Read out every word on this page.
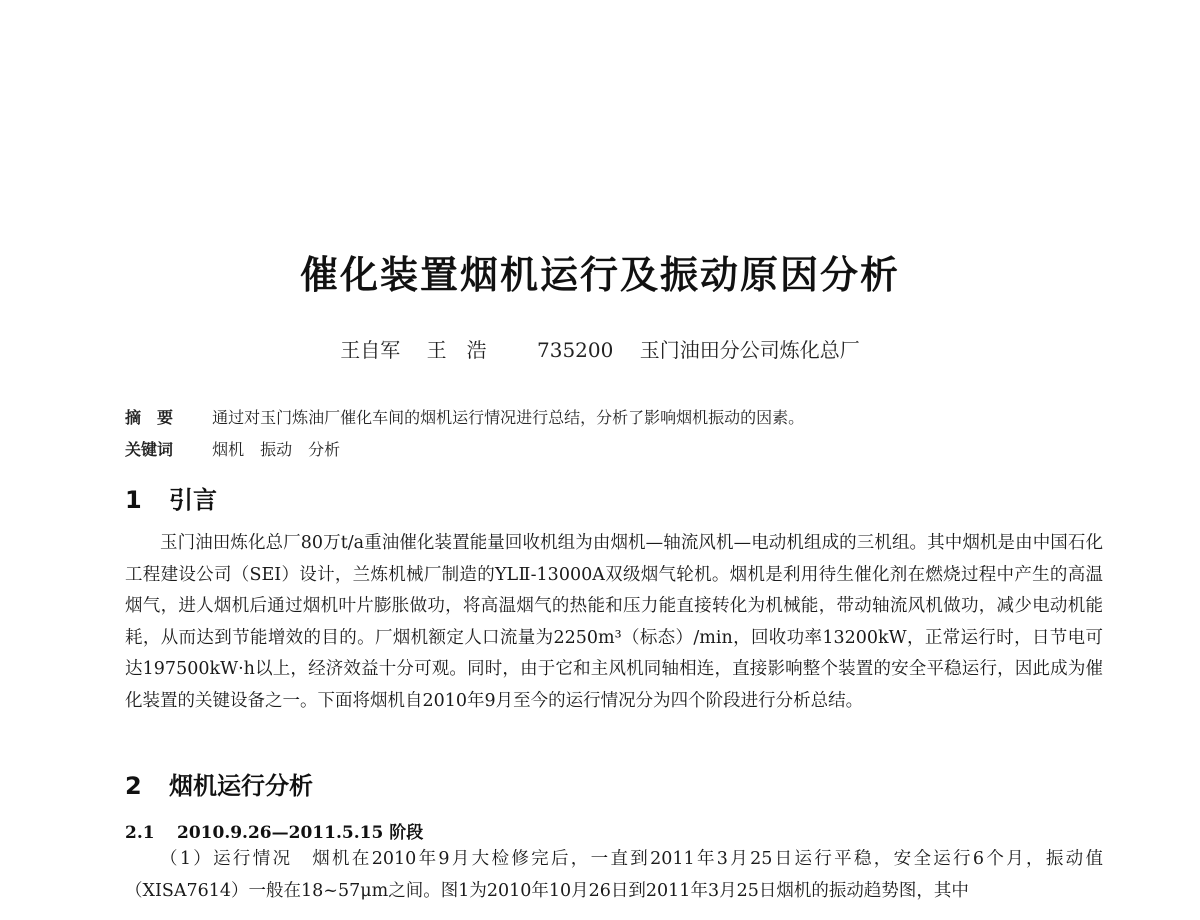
催化装置烟机运行及振动原因分析
王自军 王　浩	735200 玉门油田分公司炼化总厂
摘　要 通过对玉门炼油厂催化车间的烟机运行情况进行总结，分析了影响烟机振动的因素。
关键词 烟机　振动　分析
1 引言

玉门油田炼化总厂80万t/a重油催化装置能量回收机组为由烟机—轴流风机—电动机组成的三机组。其中烟机是由中国石化工程建设公司（SEI）设计，兰炼机械厂制造的YLⅡ-13000A双级烟气轮机。烟机是利用待生催化剂在燃烧过程中产生的高温烟气，进人烟机后通过烟机叶片膨胀做功，将高温烟气的热能和压力能直接转化为机械能，带动轴流风机做功，减少电动机能耗，从而达到节能增效的目的。厂烟机额定人口流量为2250m³（标态）/min，回收功率13200kW，正常运行时，日节电可达197500kW·h以上，经济效益十分可观。同时，由于它和主风机同轴相连，直接影响整个装置的安全平稳运行，因此成为催化装置的关键设备之一。下面将烟机自2010年9月至今的运行情况分为四个阶段进行分析总结。

2 烟机运行分析
2.1 2010.9.26—2011.5.15 阶段

（1）运行情况　烟机在2010年9月大检修完后，一直到2011年3月25日运行平稳，安全运行6个月，振动值（XISA7614）一般在18~57μm之间。图1为2010年10月26日到2011年3月25日烟机的振动趋势图，其中
